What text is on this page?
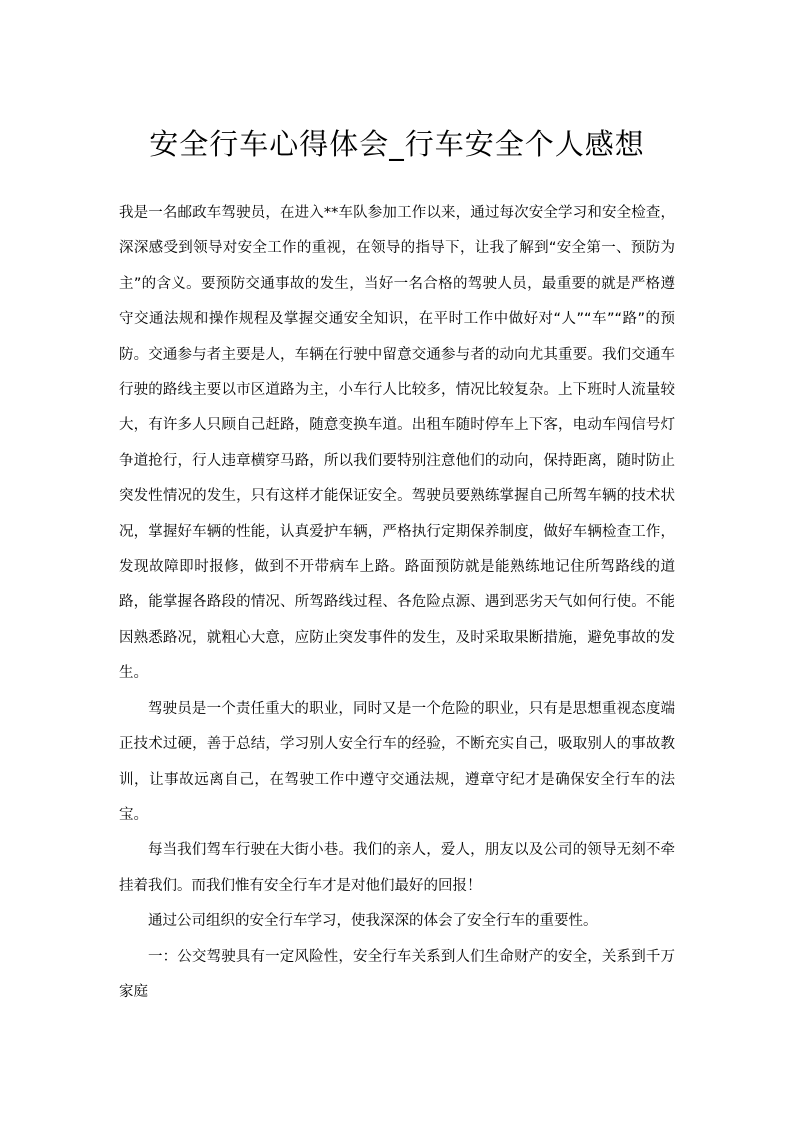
安全行车心得体会_行车安全个人感想

我是一名邮政车驾驶员，在进入**车队参加工作以来，通过每次安全学习和安全检查，深深感受到领导对安全工作的重视，在领导的指导下，让我了解到“安全第一、预防为主”的含义。要预防交通事故的发生，当好一名合格的驾驶人员，最重要的就是严格遵守交通法规和操作规程及掌握交通安全知识，在平时工作中做好对“人”“车”“路”的预防。交通参与者主要是人，车辆在行驶中留意交通参与者的动向尤其重要。我们交通车行驶的路线主要以市区道路为主，小车行人比较多，情况比较复杂。上下班时人流量较大，有许多人只顾自己赶路，随意变换车道。出租车随时停车上下客，电动车闯信号灯争道抢行，行人违章横穿马路，所以我们要特别注意他们的动向，保持距离，随时防止突发性情况的发生，只有这样才能保证安全。驾驶员要熟练掌握自己所驾车辆的技术状况，掌握好车辆的性能，认真爱护车辆，严格执行定期保养制度，做好车辆检查工作，发现故障即时报修，做到不开带病车上路。路面预防就是能熟练地记住所驾路线的道路，能掌握各路段的情况、所驾路线过程、各危险点源、遇到恶劣天气如何行使。不能因熟悉路况，就粗心大意，应防止突发事件的发生，及时采取果断措施，避免事故的发生。

驾驶员是一个责任重大的职业，同时又是一个危险的职业，只有是思想重视态度端正技术过硬，善于总结，学习别人安全行车的经验，不断充实自己，吸取别人的事故教训，让事故远离自己，在驾驶工作中遵守交通法规，遵章守纪才是确保安全行车的法宝。

每当我们驾车行驶在大街小巷。我们的亲人，爱人，朋友以及公司的领导无刻不牵挂着我们。而我们惟有安全行车才是对他们最好的回报！

通过公司组织的安全行车学习，使我深深的体会了安全行车的重要性。

一：公交驾驶具有一定风险性，安全行车关系到人们生命财产的安全，关系到千万家庭
